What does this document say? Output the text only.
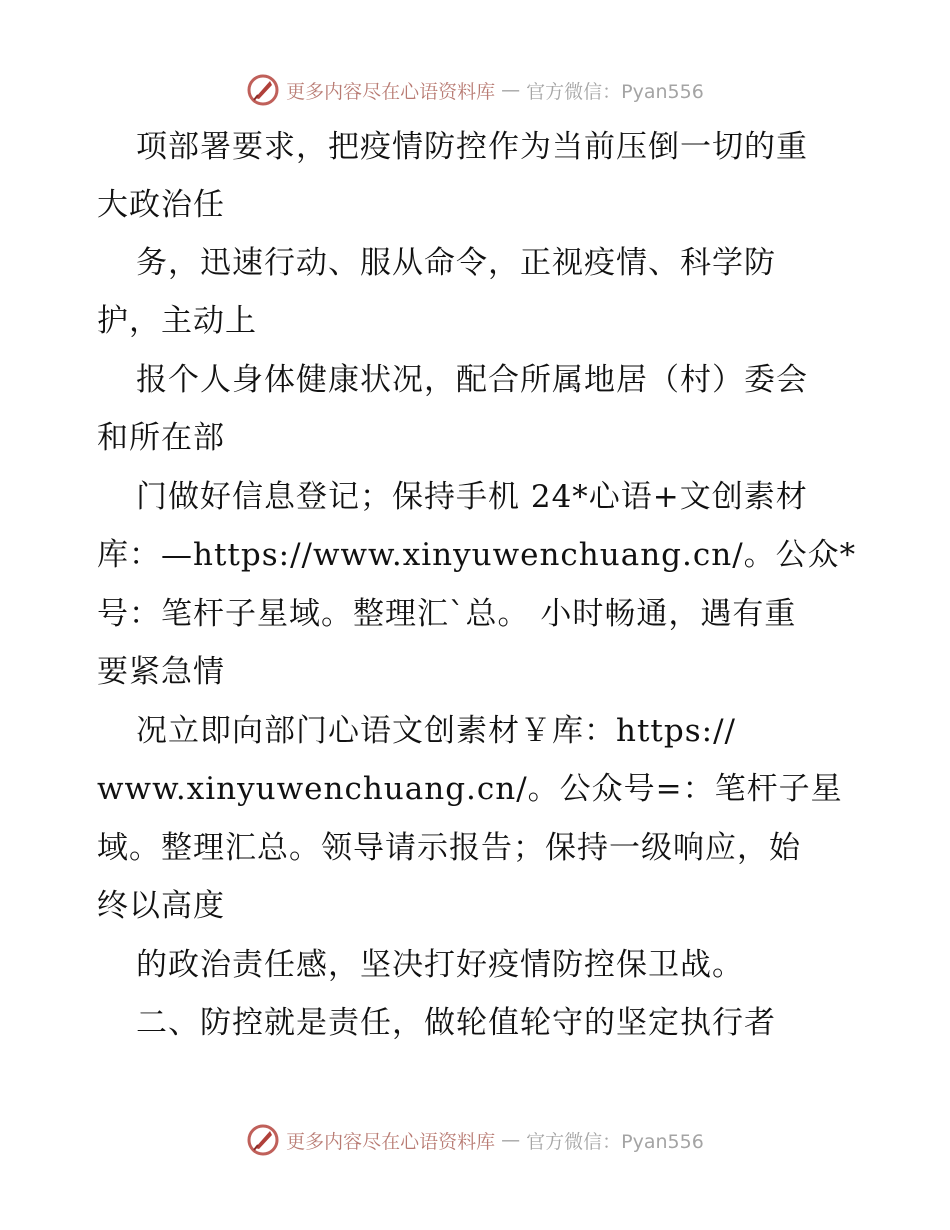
更多内容尽在心语资料库 — 官方微信：Pyan556
项部署要求，把疫情防控作为当前压倒一切的重
大政治任
务，迅速行动、服从命令，正视疫情、科学防
护，主动上
报个人身体健康状况，配合所属地居（村）委会
和所在部
门做好信息登记；保持手机 24*心语+文创素材
库：—https://www.xinyuwenchuang.cn/。公众*
号：笔杆子星域。整理汇`总。 小时畅通，遇有重
要紧急情
况立即向部门心语文创素材￥库：https://
www.xinyuwenchuang.cn/。公众号=：笔杆子星
域。整理汇总。领导请示报告；保持一级响应，始
终以高度
的政治责任感，坚决打好疫情防控保卫战。
二、防控就是责任，做轮值轮守的坚定执行者
更多内容尽在心语资料库 — 官方微信：Pyan556
